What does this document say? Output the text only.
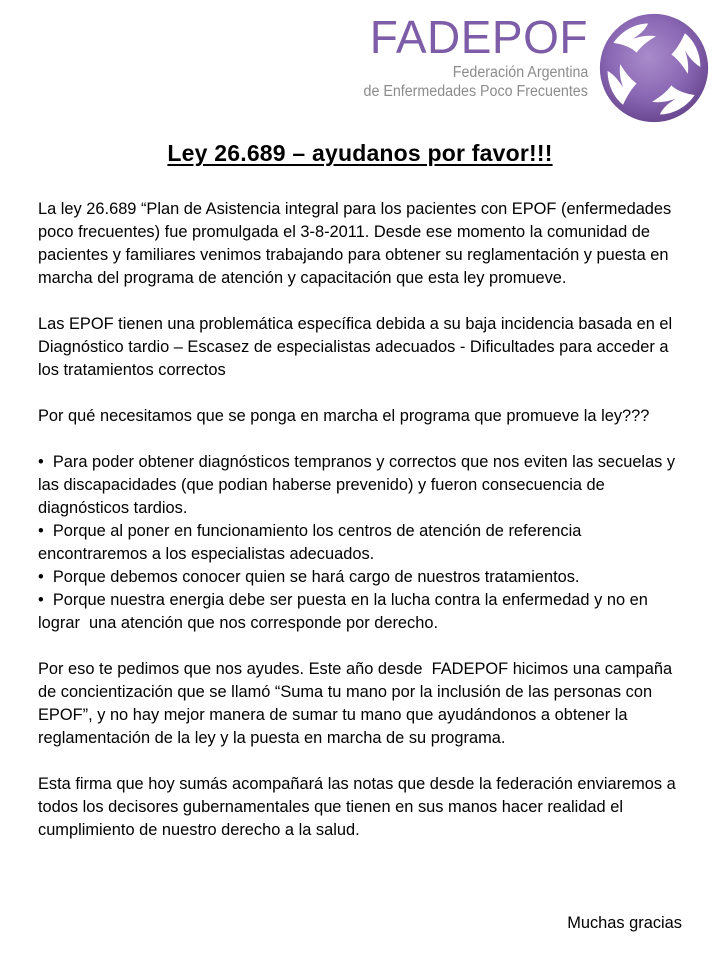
FADEPOF
Federación Argentina
de Enfermedades Poco Frecuentes
Ley 26.689 – ayudanos por favor!!!

La ley 26.689 “Plan de Asistencia integral para los pacientes con EPOF (enfermedades poco frecuentes) fue promulgada el 3-8-2011. Desde ese momento la comunidad de pacientes y familiares venimos trabajando para obtener su reglamentación y puesta en marcha del programa de atención y capacitación que esta ley promueve.

Las EPOF tienen una problemática específica debida a su baja incidencia basada en el Diagnóstico tardio – Escasez de especialistas adecuados - Dificultades para acceder a los tratamientos correctos

Por qué necesitamos que se ponga en marcha el programa que promueve la ley???

•  Para poder obtener diagnósticos tempranos y correctos que nos eviten las secuelas y las discapacidades (que podian haberse prevenido) y fueron consecuencia de diagnósticos tardios.
•  Porque al poner en funcionamiento los centros de atención de referencia encontraremos a los especialistas adecuados.
•  Porque debemos conocer quien se hará cargo de nuestros tratamientos.
•  Porque nuestra energia debe ser puesta en la lucha contra la enfermedad y no en lograr  una atención que nos corresponde por derecho.

Por eso te pedimos que nos ayudes. Este año desde  FADEPOF hicimos una campaña de concientización que se llamó “Suma tu mano por la inclusión de las personas con EPOF”, y no hay mejor manera de sumar tu mano que ayudándonos a obtener la reglamentación de la ley y la puesta en marcha de su programa.

Esta firma que hoy sumás acompañará las notas que desde la federación enviaremos a todos los decisores gubernamentales que tienen en sus manos hacer realidad el cumplimiento de nuestro derecho a la salud.

Muchas gracias
